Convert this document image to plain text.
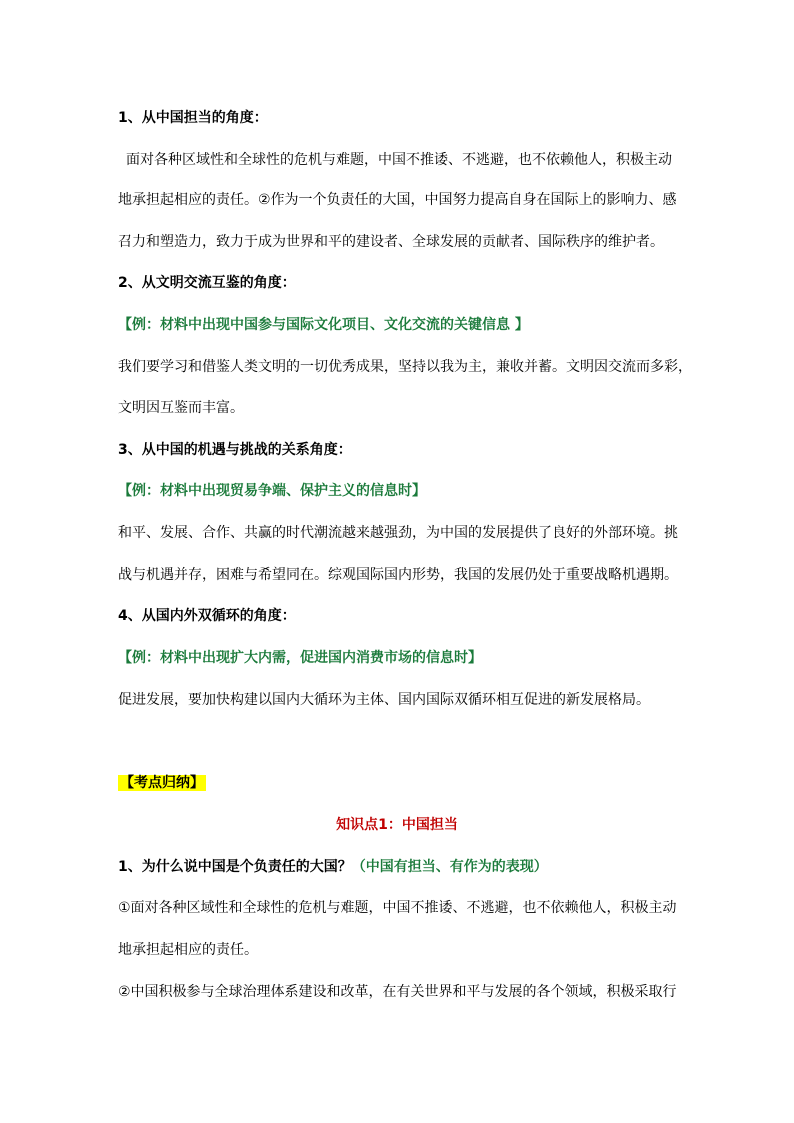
1、从中国担当的角度：
面对各种区域性和全球性的危机与难题，中国不推诿、不逃避，也不依赖他人，积极主动
地承担起相应的责任。②作为一个负责任的大国，中国努力提高自身在国际上的影响力、感
召力和塑造力，致力于成为世界和平的建设者、全球发展的贡献者、国际秩序的维护者。
2、从文明交流互鉴的角度：
【例：材料中出现中国参与国际文化项目、文化交流的关键信息 】
我们要学习和借鉴人类文明的一切优秀成果，坚持以我为主，兼收并蓄。文明因交流而多彩，
文明因互鉴而丰富。
3、从中国的机遇与挑战的关系角度：
【例：材料中出现贸易争端、保护主义的信息时】
和平、发展、合作、共赢的时代潮流越来越强劲，为中国的发展提供了良好的外部环境。挑
战与机遇并存，困难与希望同在。综观国际国内形势，我国的发展仍处于重要战略机遇期。
4、从国内外双循环的角度：
【例：材料中出现扩大内需，促进国内消费市场的信息时】
促进发展，要加快构建以国内大循环为主体、国内国际双循环相互促进的新发展格局。
【考点归纳】
知识点1：中国担当
1、为什么说中国是个负责任的大国？（中国有担当、有作为的表现）
①面对各种区域性和全球性的危机与难题，中国不推诿、不逃避，也不依赖他人，积极主动
地承担起相应的责任。
②中国积极参与全球治理体系建设和改革，在有关世界和平与发展的各个领域，积极采取行
